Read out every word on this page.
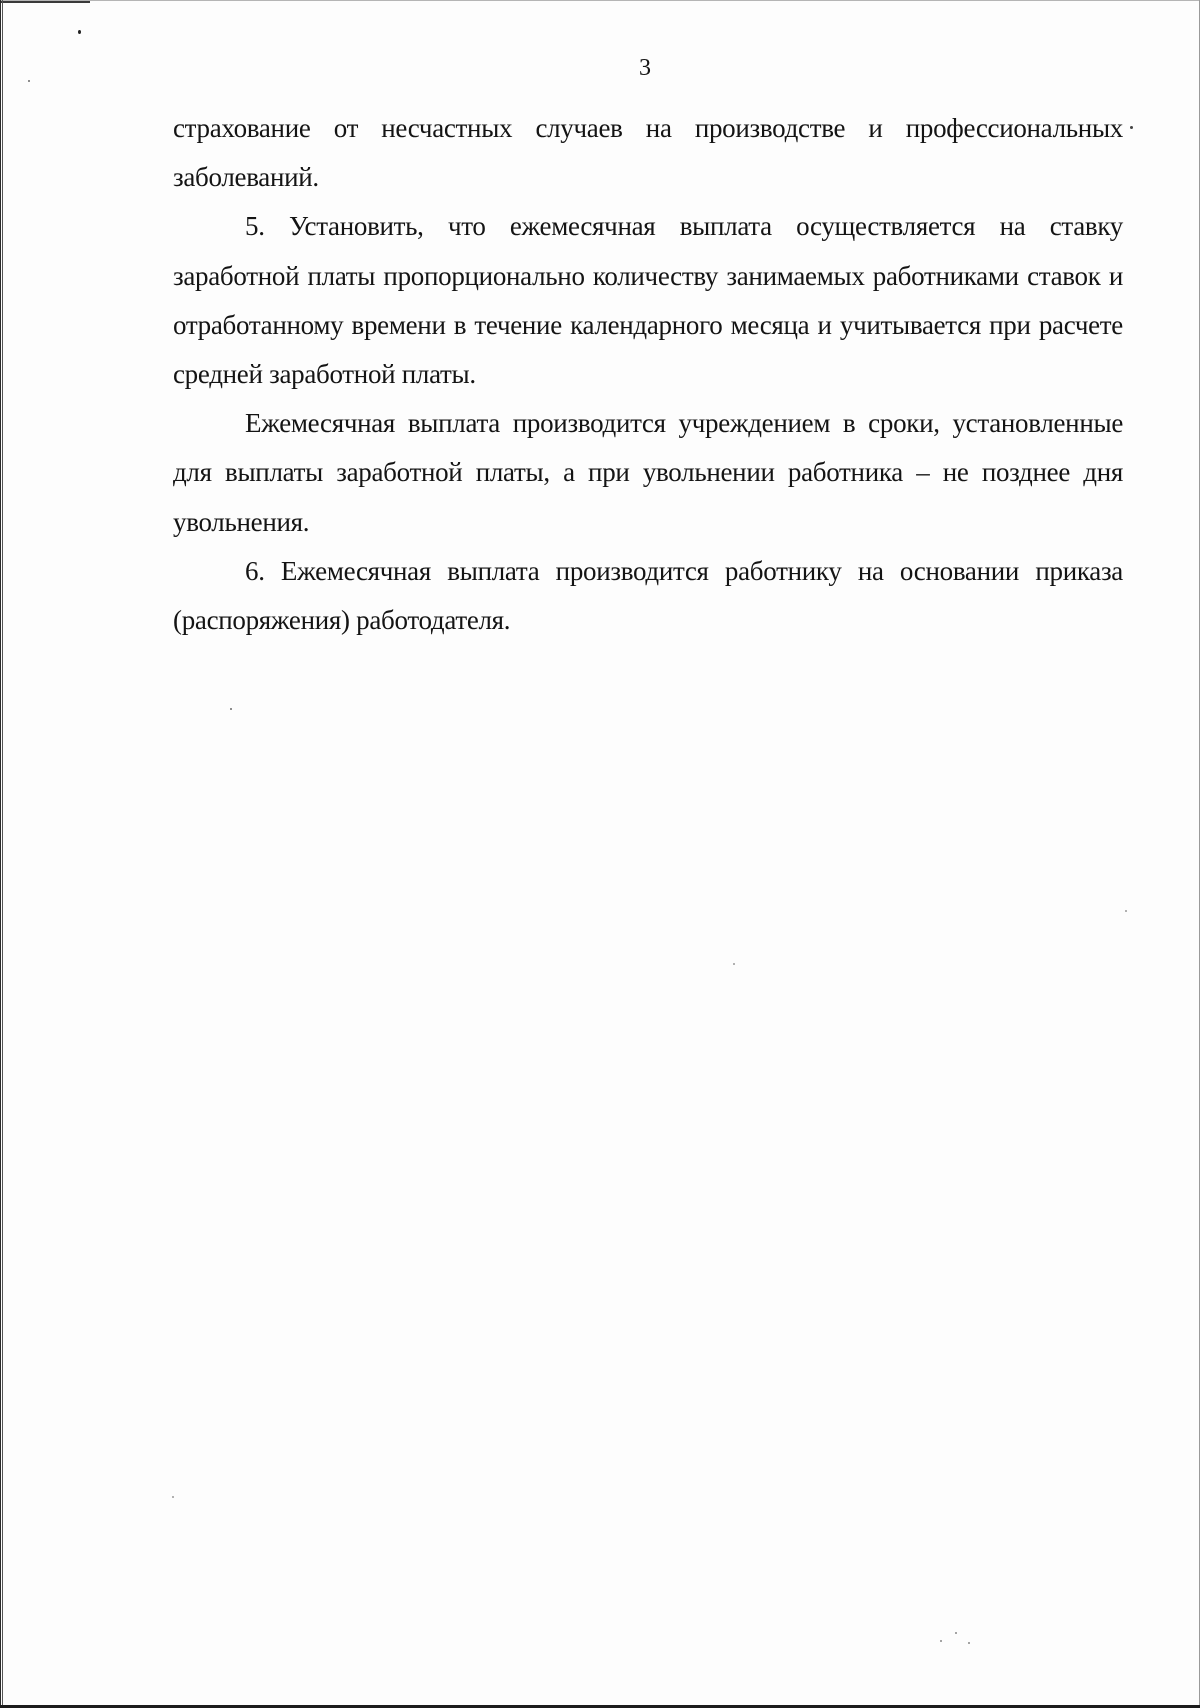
3

страхование от несчастных случаев на производстве и профессиональных заболеваний.

5. Установить, что ежемесячная выплата осуществляется на ставку заработной платы пропорционально количеству занимаемых работниками ставок и отработанному времени в течение календарного месяца и учитывается при расчете средней заработной платы.

Ежемесячная выплата производится учреждением в сроки, установленные для выплаты заработной платы, а при увольнении работника – не позднее дня увольнения.

6. Ежемесячная выплата производится работнику на основании приказа (распоряжения) работодателя.
